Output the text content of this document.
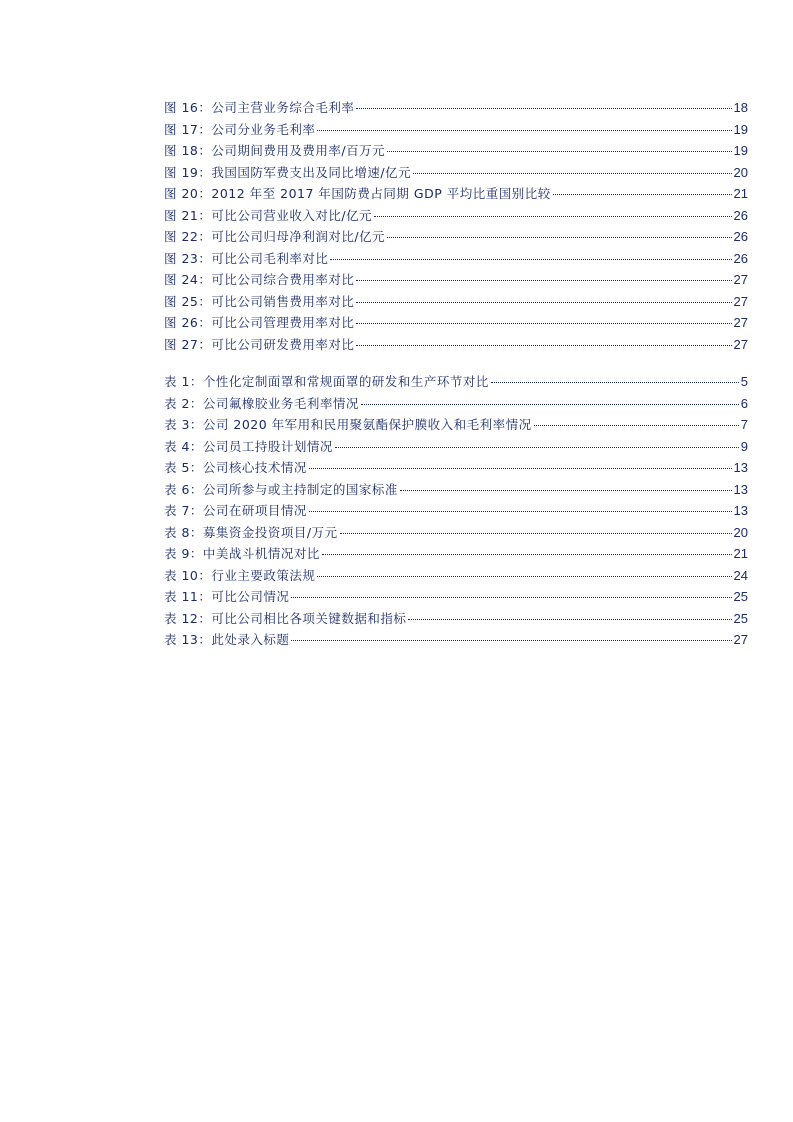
图 16：公司主营业务综合毛利率	18
图 17：公司分业务毛利率	19
图 18：公司期间费用及费用率/百万元	19
图 19：我国国防军费支出及同比增速/亿元	20
图 20：2012 年至 2017 年国防费占同期 GDP 平均比重国别比较	21
图 21：可比公司营业收入对比/亿元	26
图 22：可比公司归母净利润对比/亿元	26
图 23：可比公司毛利率对比	26
图 24：可比公司综合费用率对比	27
图 25：可比公司销售费用率对比	27
图 26：可比公司管理费用率对比	27
图 27：可比公司研发费用率对比	27
表 1：个性化定制面罩和常规面罩的研发和生产环节对比	5
表 2：公司氟橡胶业务毛利率情况	6
表 3：公司 2020 年军用和民用聚氨酯保护膜收入和毛利率情况	7
表 4：公司员工持股计划情况	9
表 5：公司核心技术情况	13
表 6：公司所参与或主持制定的国家标准	13
表 7：公司在研项目情况	13
表 8：募集资金投资项目/万元	20
表 9：中美战斗机情况对比	21
表 10：行业主要政策法规	24
表 11：可比公司情况	25
表 12：可比公司相比各项关键数据和指标	25
表 13：此处录入标题	27
